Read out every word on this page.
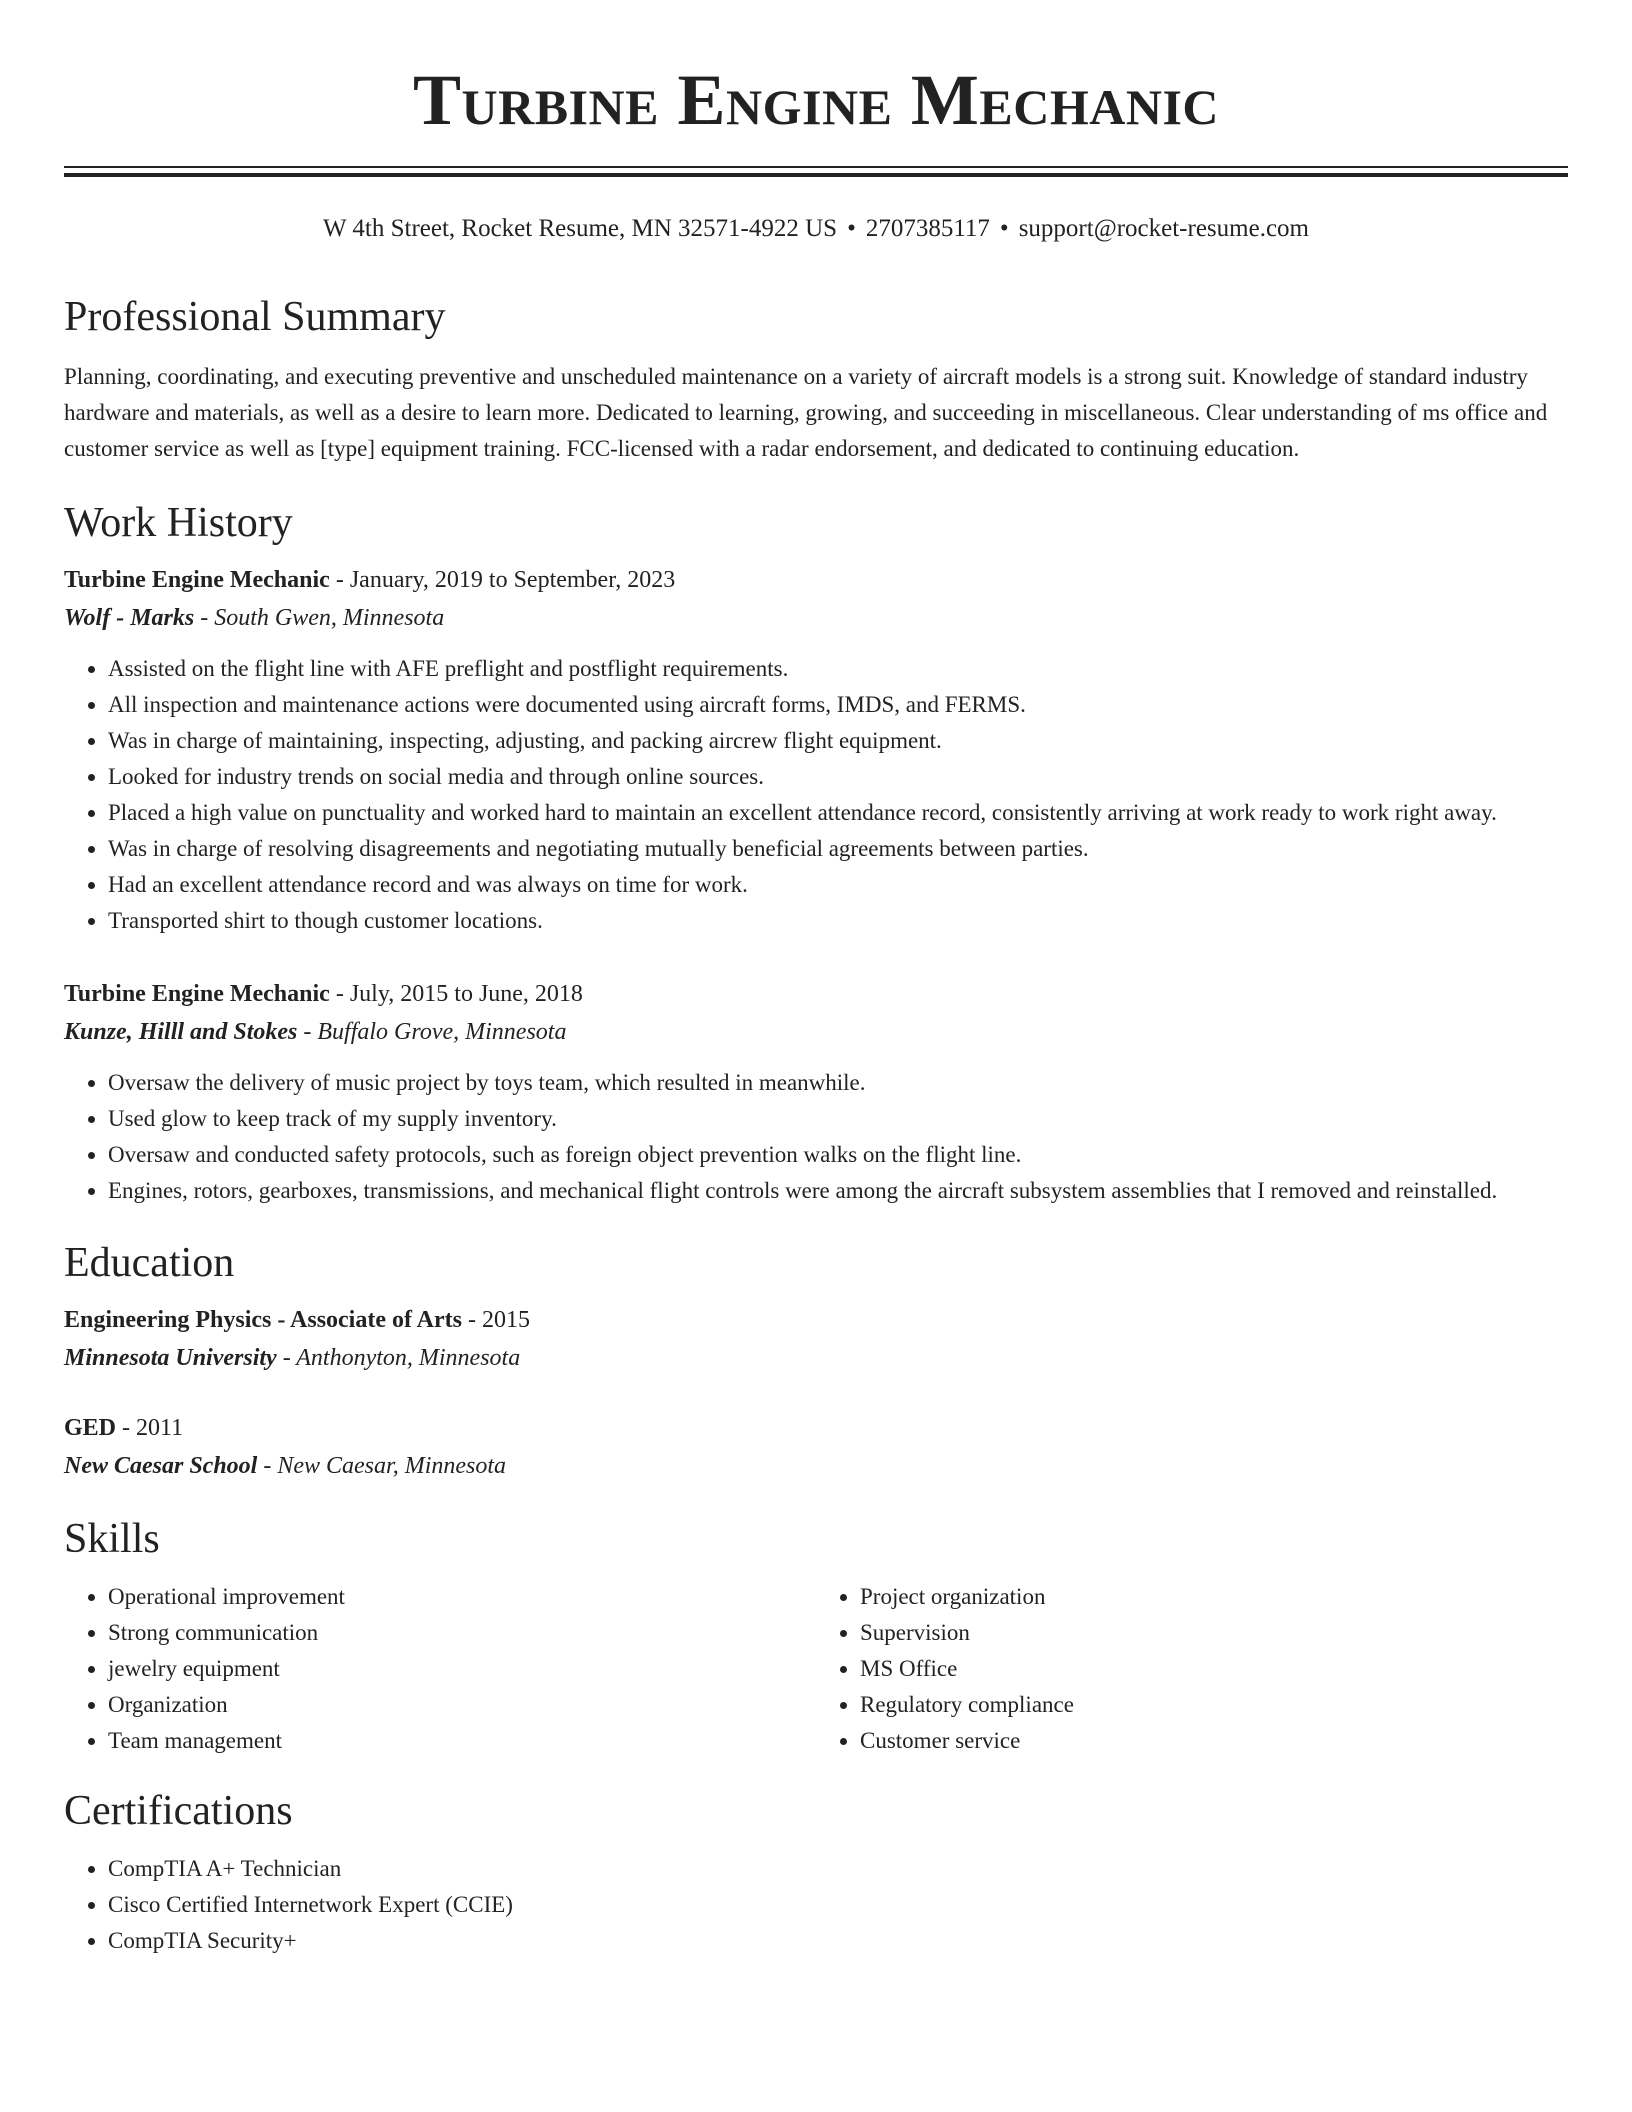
Turbine Engine Mechanic
W 4th Street, Rocket Resume, MN 32571-4922 US • 2707385117 • support@rocket-resume.com
Professional Summary

Planning, coordinating, and executing preventive and unscheduled maintenance on a variety of aircraft models is a strong suit. Knowledge of standard industry hardware and materials, as well as a desire to learn more. Dedicated to learning, growing, and succeeding in miscellaneous. Clear understanding of ms office and customer service as well as [type] equipment training. FCC-licensed with a radar endorsement, and dedicated to continuing education.

Work History
Turbine Engine Mechanic - January, 2019 to September, 2023
Wolf - Marks - South Gwen, Minnesota
• Assisted on the flight line with AFE preflight and postflight requirements.
• All inspection and maintenance actions were documented using aircraft forms, IMDS, and FERMS.
• Was in charge of maintaining, inspecting, adjusting, and packing aircrew flight equipment.
• Looked for industry trends on social media and through online sources.
• Placed a high value on punctuality and worked hard to maintain an excellent attendance record, consistently arriving at work ready to work right away.
• Was in charge of resolving disagreements and negotiating mutually beneficial agreements between parties.
• Had an excellent attendance record and was always on time for work.
• Transported shirt to though customer locations.
Turbine Engine Mechanic - July, 2015 to June, 2018
Kunze, Hilll and Stokes - Buffalo Grove, Minnesota
• Oversaw the delivery of music project by toys team, which resulted in meanwhile.
• Used glow to keep track of my supply inventory.
• Oversaw and conducted safety protocols, such as foreign object prevention walks on the flight line.
• Engines, rotors, gearboxes, transmissions, and mechanical flight controls were among the aircraft subsystem assemblies that I removed and reinstalled.
Education
Engineering Physics - Associate of Arts - 2015
Minnesota University - Anthonyton, Minnesota
GED - 2011
New Caesar School - New Caesar, Minnesota
Skills
• Operational improvement
• Strong communication
• jewelry equipment
• Organization
• Team management
• Project organization
• Supervision
• MS Office
• Regulatory compliance
• Customer service
Certifications
• CompTIA A+ Technician
• Cisco Certified Internetwork Expert (CCIE)
• CompTIA Security+
